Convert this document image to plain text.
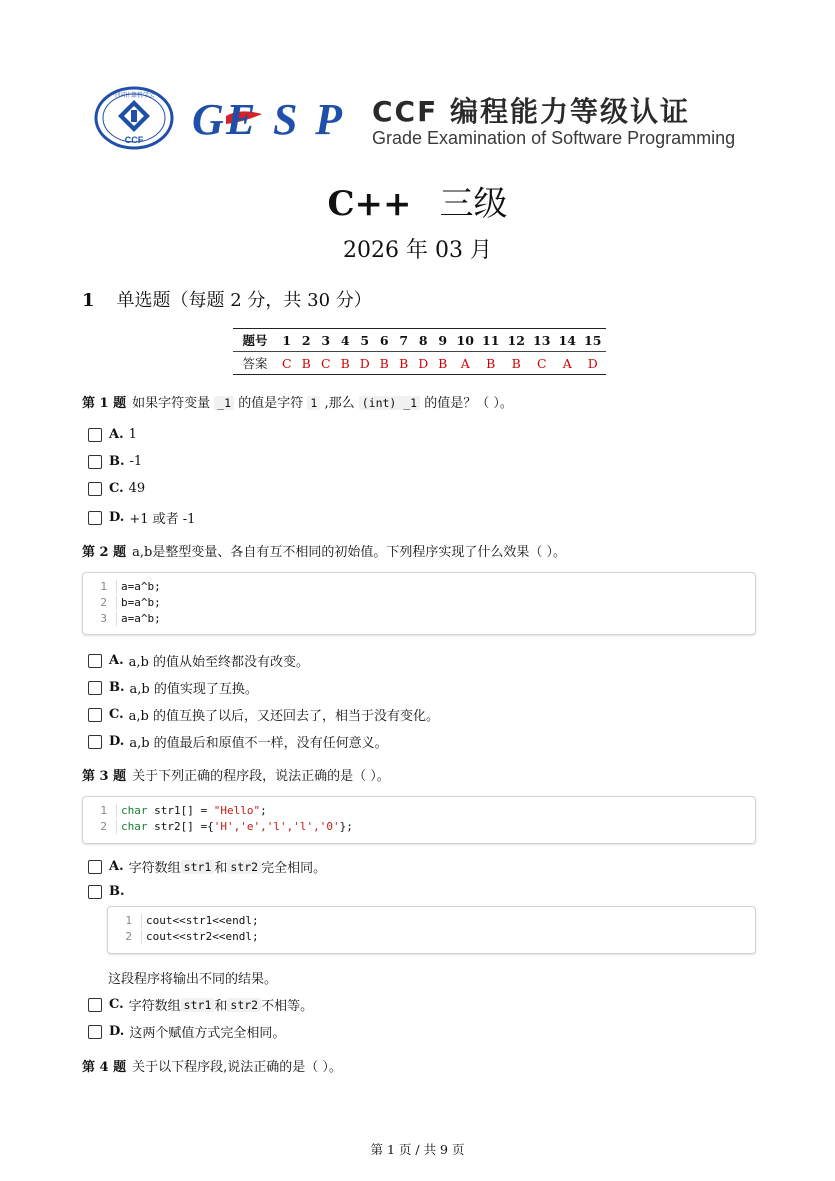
CCF
中国计算机学会 G ESP CCF 编程能力等级认证
Grade Examination of Software Programming
C++ 三级
2026 年 03 月
1 单选题（每题 2 分，共 30 分）
题号	1	2	3	4	5	6	7	8	9	10	11	12	13	14	15
答案	C	B	C	B	D	B	B	D	B	A	B	B	C	A	D
第 1 题 如果字符变量 _1 的值是字符 1 ,那么 (int) _1 的值是？（ ）。
A. 1
B. -1
C. 49
D. +1 或者 -1
第 2 题 a,b是整型变量、各自有互不相同的初始值。下列程序实现了什么效果（ ）。
1 a=a^b;
2 b=a^b;
3 a=a^b;
A. a,b 的值从始至终都没有改变。
B. a,b 的值实现了互换。
C. a,b 的值互换了以后，又还回去了，相当于没有变化。
D. a,b 的值最后和原值不一样，没有任何意义。
第 3 题 关于下列正确的程序段，说法正确的是（ ）。
1 char str1[] = "Hello";
2 char str2[] ={'H','e','l','l','0'};
A. 字符数组 str1 和 str2 完全相同。
B.
1 cout<<str1<<endl;
2 cout<<str2<<endl;
这段程序将输出不同的结果。
C. 字符数组 str1 和 str2 不相等。
D. 这两个赋值方式完全相同。
第 4 题 关于以下程序段,说法正确的是（ ）。
第 1 页 / 共 9 页
